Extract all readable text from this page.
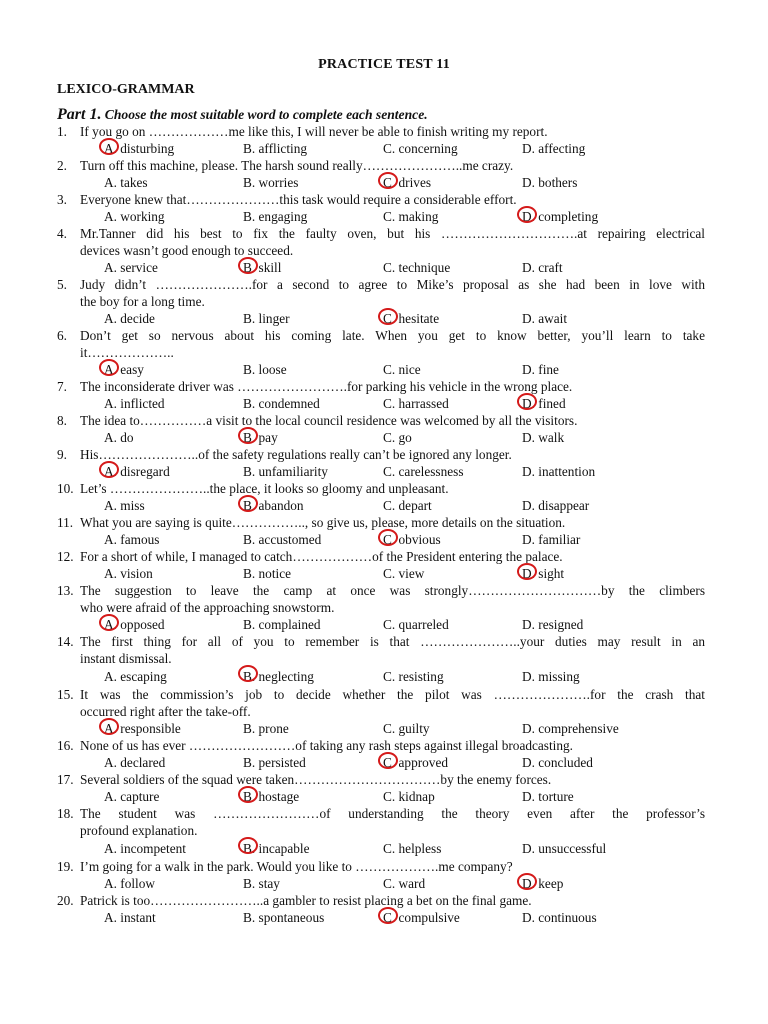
PRACTICE TEST 11
LEXICO-GRAMMAR
Part 1. Choose the most suitable word to complete each sentence.
1. If you go on ………………me like this, I will never be able to finish writing my report.
A. disturbing	B. afflicting	C. concerning	D. affecting
2. Turn off this machine, please. The harsh sound really…………………..me crazy.
A. takes	B. worries	C. drives	D. bothers
3. Everyone knew that…………………this task would require a considerable effort.
A. working	B. engaging	C. making	D. completing
4. Mr.Tanner did his best to fix the faulty oven, but his ………………………….at repairing electrical
devices wasn’t good enough to succeed.
A. service	B. skill	C. technique	D. craft
5. Judy didn’t ………………….for a second to agree to Mike’s proposal as she had been in love with
the boy for a long time.
A. decide	B. linger	C. hesitate	D. await
6. Don’t get so nervous about his coming late. When you get to know better, you’ll learn to take
it………………..
A. easy	B. loose	C. nice	D. fine
7. The inconsiderate driver was …………………….for parking his vehicle in the wrong place.
A. inflicted	B. condemned	C. harrassed	D. fined
8. The idea to……………a visit to the local council residence was welcomed by all the visitors.
A. do	B. pay	C. go	D. walk
9. His…………………..of the safety regulations really can’t be ignored any longer.
A. disregard	B. unfamiliarity	C. carelessness	D. inattention
10. Let’s …………………..the place, it looks so gloomy and unpleasant.
A. miss	B. abandon	C. depart	D. disappear
11. What you are saying is quite…………….., so give us, please, more details on the situation.
A. famous	B. accustomed	C. obvious	D. familiar
12. For a short of while, I managed to catch………………of the President entering the palace.
A. vision	B. notice	C. view	D. sight
13. The suggestion to leave the camp at once was strongly…………………………by the climbers
who were afraid of the approaching snowstorm.
A. opposed	B. complained	C. quarreled	D. resigned
14. The first thing for all of you to remember is that …………………..your duties may result in an
instant dismissal.
A. escaping	B. neglecting	C. resisting	D. missing
15. It was the commission’s job to decide whether the pilot was ………………….for the crash that
occurred right after the take-off.
A. responsible	B. prone	C. guilty	D. comprehensive
16. None of us has ever ……………………of taking any rash steps against illegal broadcasting.
A. declared	B. persisted	C. approved	D. concluded
17. Several soldiers of the squad were taken……………………………by the enemy forces.
A. capture	B. hostage	C. kidnap	D. torture
18. The student was ……………………of understanding the theory even after the professor’s
profound explanation.
A. incompetent	B. incapable	C. helpless	D. unsuccessful
19. I’m going for a walk in the park. Would you like to ……………….me company?
A. follow	B. stay	C. ward	D. keep
20. Patrick is too……………………..a gambler to resist placing a bet on the final game.
A. instant	B. spontaneous	C. compulsive	D. continuous
